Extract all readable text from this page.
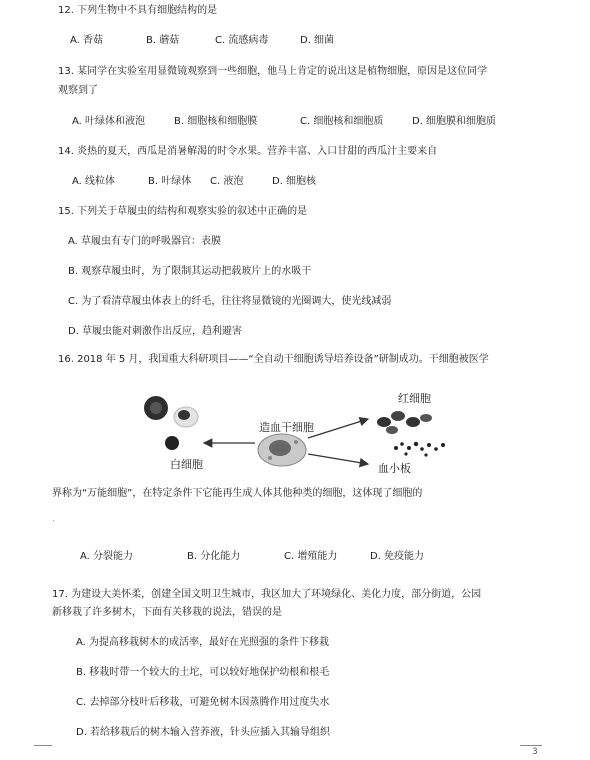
12. 下列生物中不具有细胞结构的是
A. 香菇	B. 蘑菇	C. 流感病毒	D. 细菌
13. 某同学在实验室用显微镜观察到一些细胞，他马上肯定的说出这是植物细胞，原因是这位同学
观察到了
A. 叶绿体和液泡	B. 细胞核和细胞膜	C. 细胞核和细胞质	D. 细胞膜和细胞质
14. 炎热的夏天，西瓜是消暑解渴的时令水果。营养丰富、入口甘甜的西瓜汁主要来自
A. 线粒体	B. 叶绿体 C. 液泡	D. 细胞核
15. 下列关于草履虫的结构和观察实验的叙述中正确的是
A. 草履虫有专门的呼吸器官：表膜
B. 观察草履虫时，为了限制其运动把载玻片上的水吸干
C. 为了看清草履虫体表上的纤毛，往往将显微镜的光圈调大，使光线减弱
D. 草履虫能对刺激作出反应，趋利避害
16. 2018 年 5 月，我国重大科研项目——“全自动干细胞诱导培养设备”研制成功。干细胞被医学
造血干细胞
白细胞
红细胞
血小板
界称为“万能细胞”，在特定条件下它能再生成人体其他种类的细胞，这体现了细胞的
.
A. 分裂能力	B. 分化能力	C. 增殖能力	D. 免疫能力
17. 为建设大美怀柔，创建全国文明卫生城市，我区加大了环境绿化、美化力度，部分街道，公园
新移栽了许多树木，下面有关移栽的说法，错误的是
A. 为提高移栽树木的成活率，最好在光照强的条件下移栽
B. 移栽时带一个较大的土坨，可以较好地保护幼根和根毛
C. 去掉部分枝叶后移栽，可避免树木因蒸腾作用过度失水
D. 若给移栽后的树木输入营养液，针头应插入其输导组织
3
